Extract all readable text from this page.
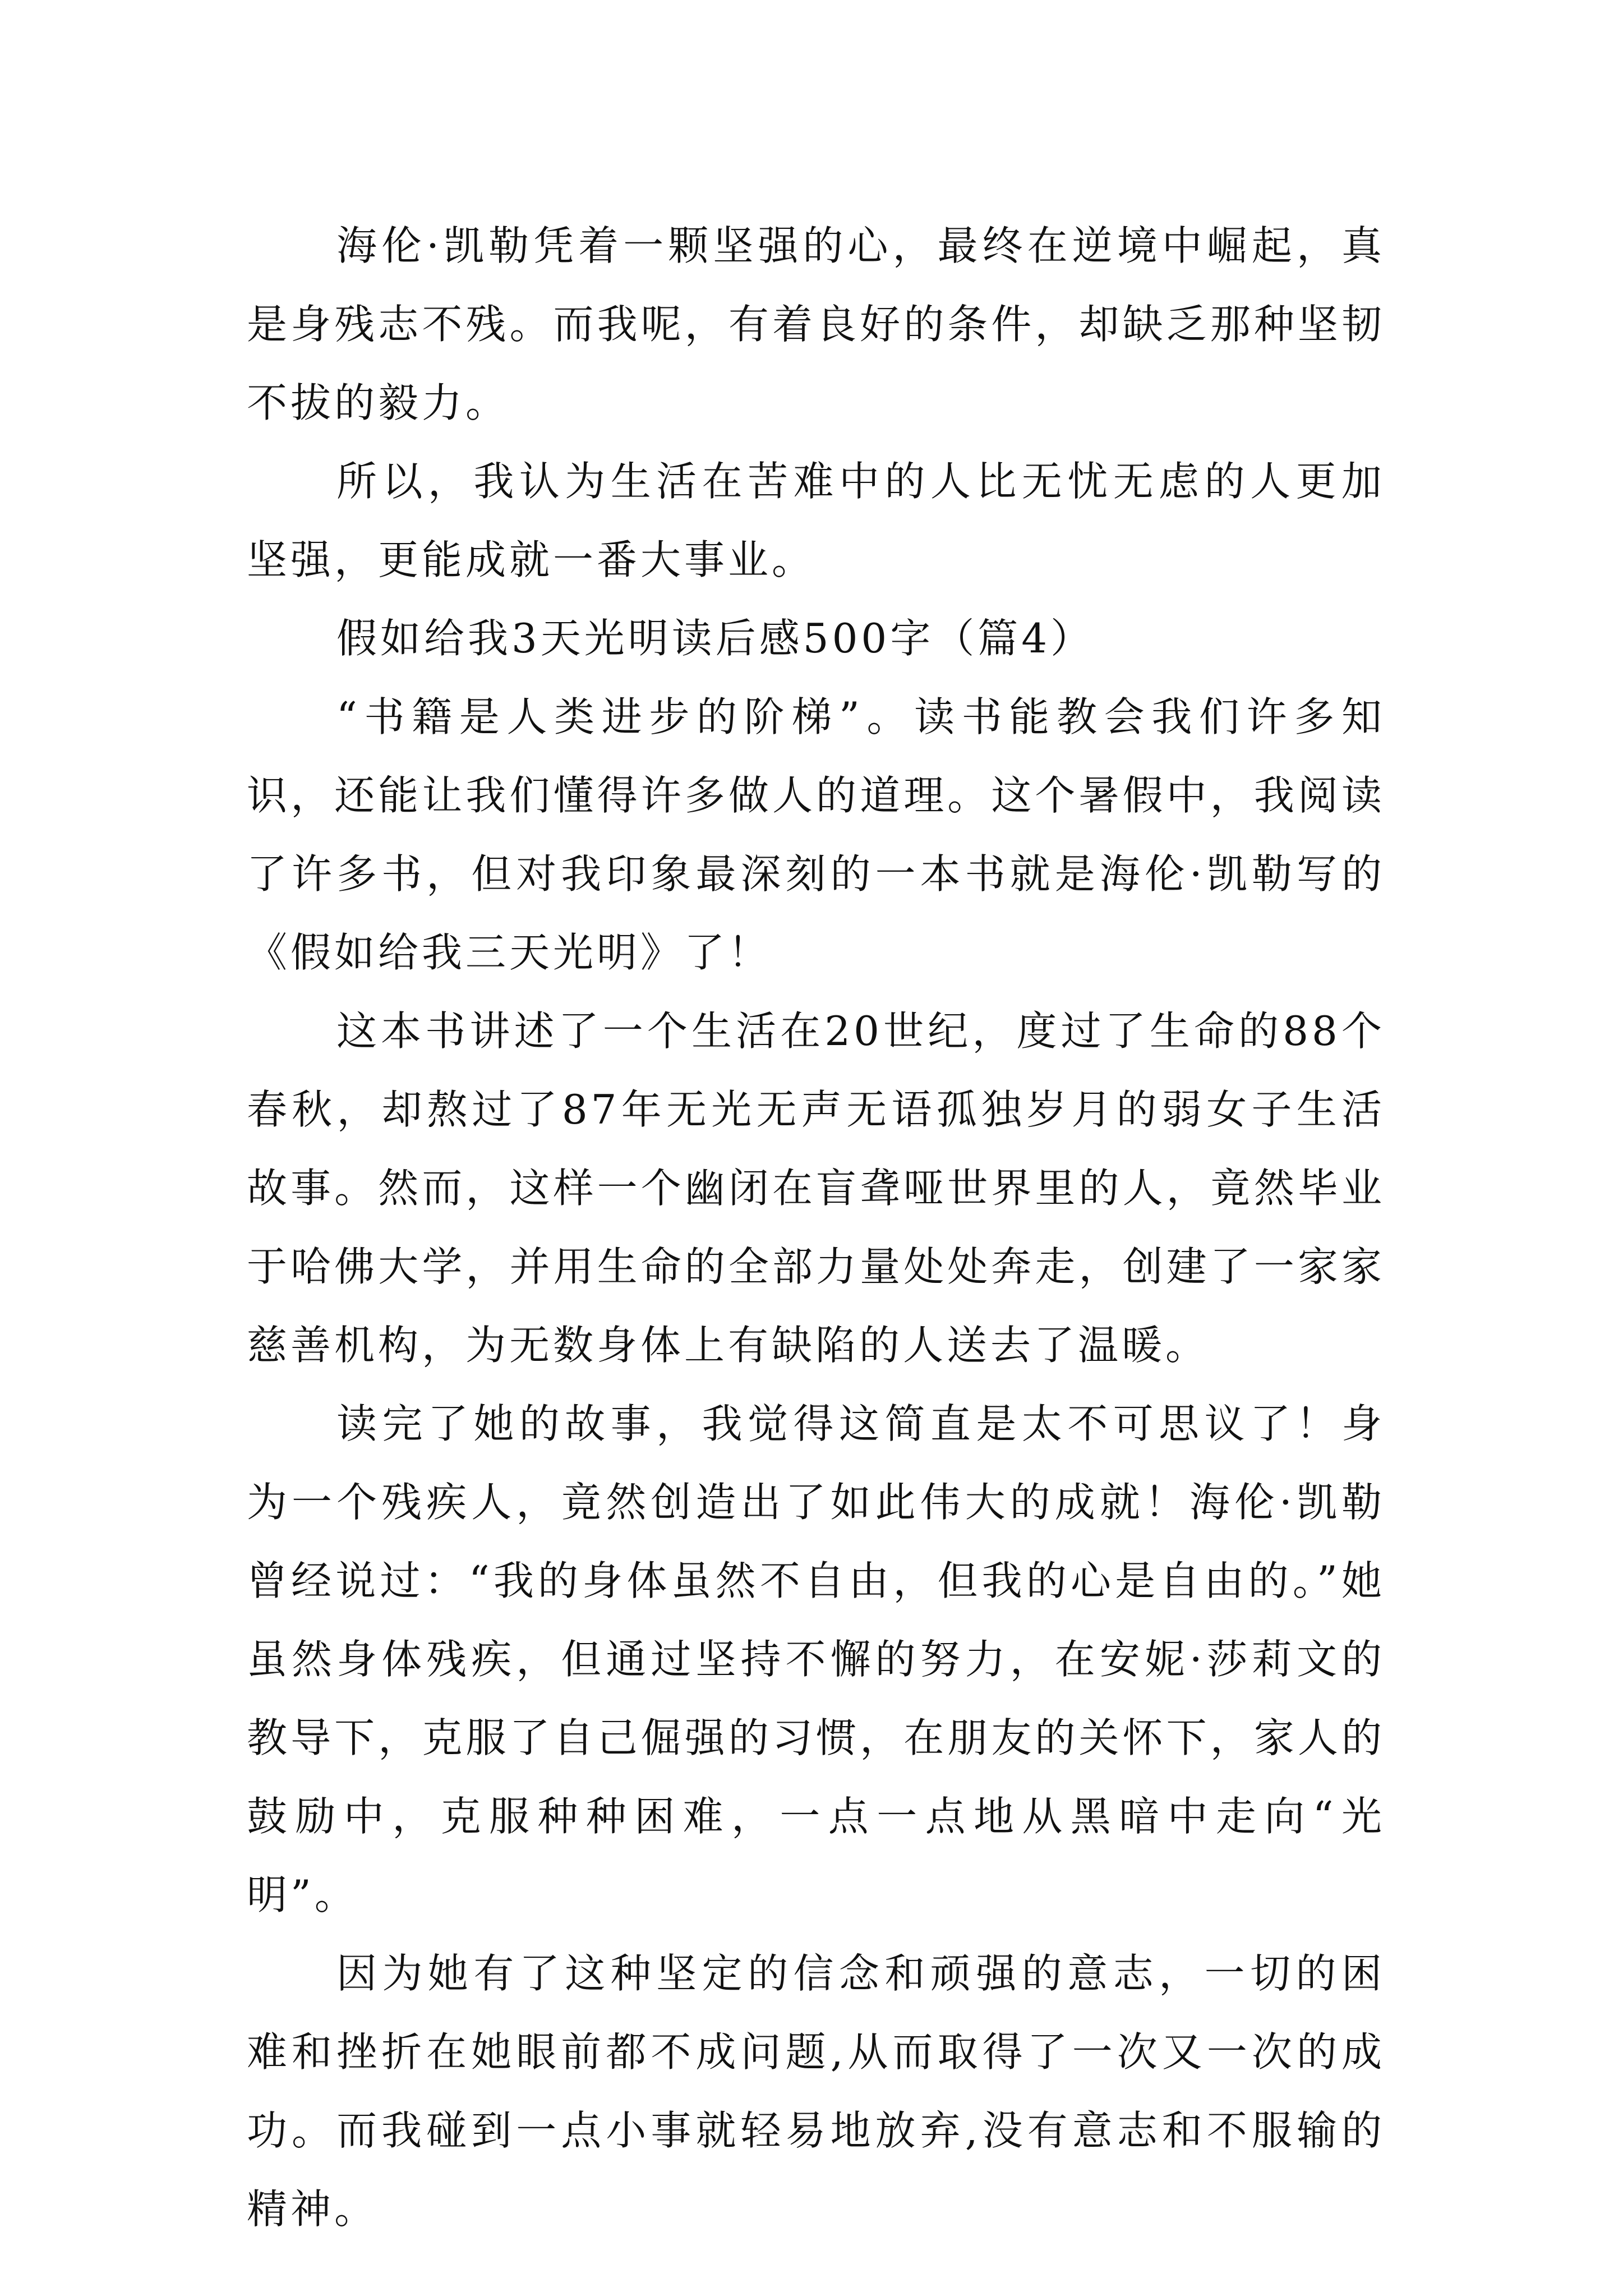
海伦·凯勒凭着一颗坚强的心，最终在逆境中崛起，真是身残志不残。而我呢，有着良好的条件，却缺乏那种坚韧不拔的毅力。

所以，我认为生活在苦难中的人比无忧无虑的人更加坚强，更能成就一番大事业。

假如给我3天光明读后感500字（篇4）

“书籍是人类进步的阶梯”。读书能教会我们许多知识，还能让我们懂得许多做人的道理。这个暑假中，我阅读了许多书，但对我印象最深刻的一本书就是海伦·凯勒写的《假如给我三天光明》了！

这本书讲述了一个生活在20世纪，度过了生命的88个春秋，却熬过了87年无光无声无语孤独岁月的弱女子生活故事。然而，这样一个幽闭在盲聋哑世界里的人，竟然毕业于哈佛大学，并用生命的全部力量处处奔走，创建了一家家慈善机构，为无数身体上有缺陷的人送去了温暖。

读完了她的故事，我觉得这简直是太不可思议了！身为一个残疾人，竟然创造出了如此伟大的成就！海伦·凯勒曾经说过：“我的身体虽然不自由，但我的心是自由的。”她虽然身体残疾，但通过坚持不懈的努力，在安妮·莎莉文的教导下，克服了自己倔强的习惯，在朋友的关怀下，家人的鼓励中，克服种种困难，一点一点地从黑暗中走向“光明”。

因为她有了这种坚定的信念和顽强的意志，一切的困难和挫折在她眼前都不成问题,从而取得了一次又一次的成功。而我碰到一点小事就轻易地放弃,没有意志和不服输的精神。
